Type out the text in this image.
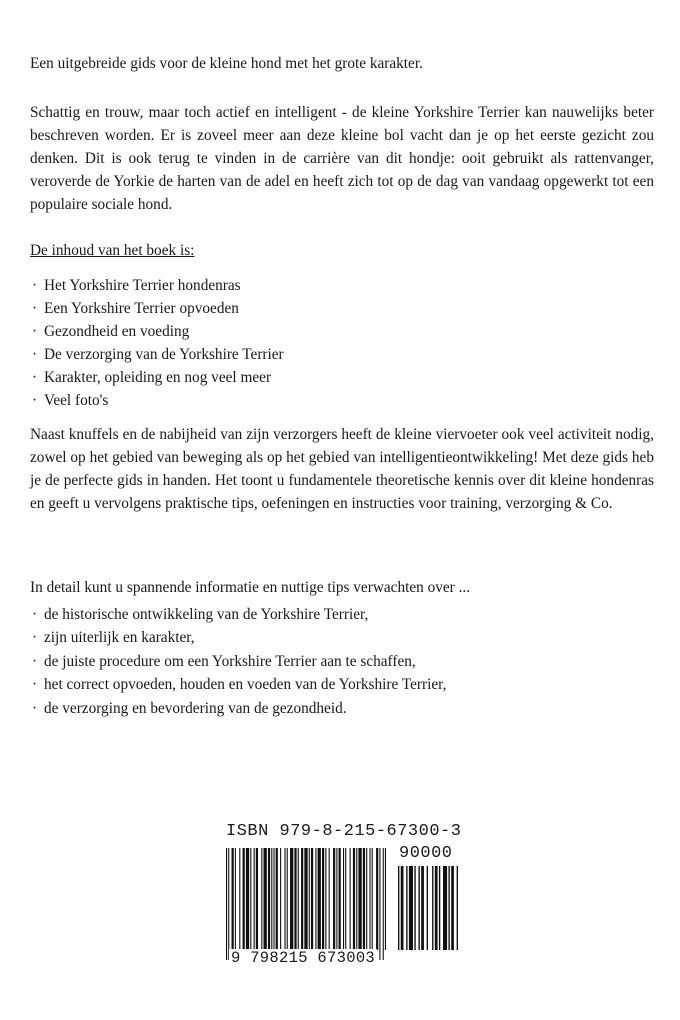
Een uitgebreide gids voor de kleine hond met het grote karakter.

Schattig en trouw, maar toch actief en intelligent - de kleine Yorkshire Terrier kan nauwelijks beter beschreven worden. Er is zoveel meer aan deze kleine bol vacht dan je op het eerste gezicht zou denken. Dit is ook terug te vinden in de carrière van dit hondje: ooit gebruikt als rattenvanger, veroverde de Yorkie de harten van de adel en heeft zich tot op de dag van vandaag opgewerkt tot een populaire sociale hond.

De inhoud van het boek is:
· Het Yorkshire Terrier hondenras
· Een Yorkshire Terrier opvoeden
· Gezondheid en voeding
· De verzorging van de Yorkshire Terrier
· Karakter, opleiding en nog veel meer
· Veel foto's

Naast knuffels en de nabijheid van zijn verzorgers heeft de kleine viervoeter ook veel activiteit nodig, zowel op het gebied van beweging als op het gebied van intelligentieontwikkeling! Met deze gids heb je de perfecte gids in handen. Het toont u fundamentele theoretische kennis over dit kleine hondenras en geeft u vervolgens praktische tips, oefeningen en instructies voor training, verzorging & Co.

In detail kunt u spannende informatie en nuttige tips verwachten over ...

· de historische ontwikkeling van de Yorkshire Terrier,
· zijn uiterlijk en karakter,
· de juiste procedure om een Yorkshire Terrier aan te schaffen,
· het correct opvoeden, houden en voeden van de Yorkshire Terrier,
· de verzorging en bevordering van de gezondheid.
ISBN 979-8-215-67300-3
90000
9 798215 673003
